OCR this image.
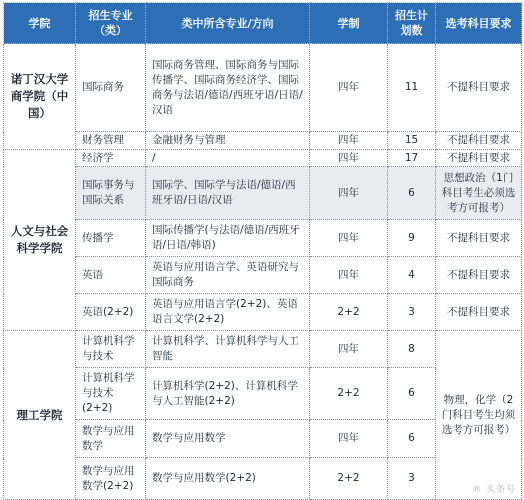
学院	招生专业（类）	类中所含专业/方向	学制	招生计划数	选考科目要求
诺丁汉大学商学院（中国）	国际商务	国际商务管理、国际商务与国际传播学、国际商务经济学、国际商务与法语/德语/西班牙语/日语/汉语	四年	11	不提科目要求
	财务管理	金融财务与管理	四年	15	不提科目要求
人文与社会科学学院	经济学	/	四年	17	不提科目要求
	国际事务与国际关系	国际学、国际学与法语/德语/西班牙语/日语/汉语	四年	6	思想政治（1门科目考生必须选考方可报考）
	传播学	国际传播学(与法语/德语/西班牙语/日语/韩语)	四年	9	不提科目要求
	英语	英语与应用语言学、英语研究与国际商务	四年	4	不提科目要求
	英语(2+2)	英语与应用语言学(2+2)、英语语言文学(2+2)	2+2	3	不提科目要求
理工学院	计算机科学与技术	计算机科学、计算机科学与人工智能	四年	8	物理，化学（2门科目考生均须选考方可报考）
	计算机科学与技术(2+2)	计算机科学(2+2)、计算机科学与人工智能(2+2)	2+2	6	
	数学与应用数学	数学与应用数学	四年	6	
	数学与应用数学(2+2)	数学与应用数学(2+2)	2+2	3	
® 头条号
